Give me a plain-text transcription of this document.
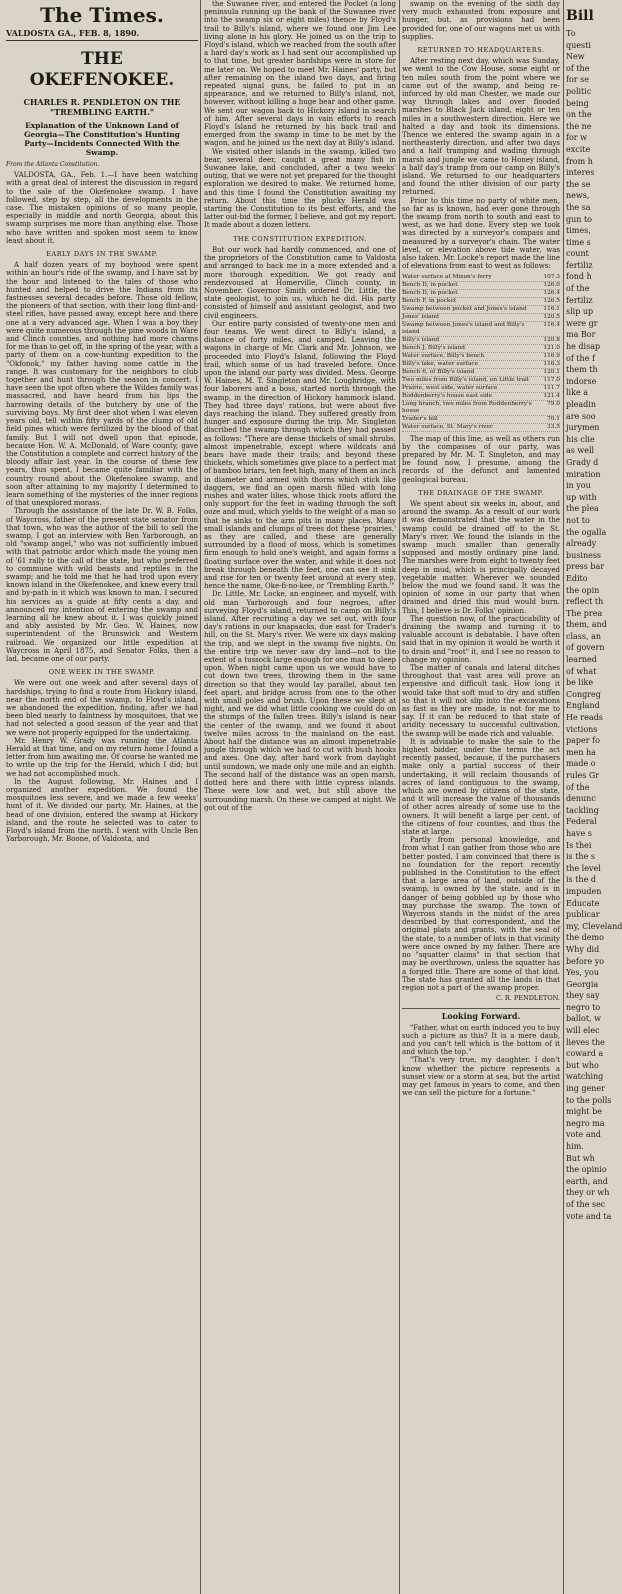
The Times.
VALDOSTA GA., FEB. 8, 1890.
THE OKEFENOKEE.
CHARLES R. PENDLETON ON THE "TREMBLING EARTH."
Explanation of the Unknown Land of Georgia—The Constitution's Hunting Party—Incidents Connected With the Swamp.
From the Atlanta Constitution.

VALDOSTA, GA., Feb. 1.—I have been watching with a great deal of interest the discussion in regard to the sale of the Okefenokee swamp. I have followed, step by step, all the developments in the case. The mistaken opinions of so many people, especially in middle and north Georgia, about this swamp surprises me more than anything else. Those who have written and spoken most seem to know least about it.

EARLY DAYS IN THE SWAMP.

A half dozen years of my boyhood were spent within an hour's ride of the swamp, and I have sat by the hour and listened to the tales of those who hunted and helped to drive the Indians from its fastnesses several decades before. Those old fellow, the pioneers of that section, with their long flint-and-steel rifles, have passed away, except here and there one at a very advanced age. When I was a boy they were quite numerous through the pine woods in Ware and Clinch counties, and nothing had more charms for me than to get off, in the spring of the year, with a party of them on a cow-hunting expedition to the "Okfonok," my father having some cattle in the range. It was customary for the neighbors to club together and hunt through the season in concert. I have seen the spot often where the Wildes family was massacred, and have heard from his lips the harrowing details of the butchery by one of the surviving boys. My first deer shot when I was eleven years old, tell within fifty yards of the clump of old field pines which were fertilized by the blood of that family. But I will not dwell upon that episode, because Hon. W. A. McDonald, of Ware county, gave the Constitution a complete and correct history of the bloody affair last year. In the course of these few years, thus spent, I became quite familiar with the country round about the Okefenokee swamp, and soon after attaining to my majority I determined to learn something of the mysteries of the inner regions of that unexplored morass.

Through the assistance of the late Dr. W. B. Folks, of Waycross, father of the present state senator from that town, who was the author of the bill to sell the swamp, I got an interview with Ben Yarborough, an old "swamp angel," who was not sufficiently imbued with that patriotic ardor which made the young men of '61 rally to the call of the state, but who preferred to commune with wild beasts and reptiles in the swamp; and he told me that he had trod upon every known island in the Okefenokee, and knew every trail and by-path in it which was known to man. I secured his services as a guide at fifty cents a day, and announced my intention of entering the swamp and learning all he knew about it. I was quickly joined and ably assisted by Mr. Geo. W. Haines, now superintendent of the Brunswick and Western railroad. We organized our little expedition at Waycross in April 1875, and Senator Folks, then a lad, became one of our party.

ONE WEEK IN THE SWAMP.

We were out one week and after several days of hardships, trying to find a route from Hickory island, near the north end of the swamp, to Floyd's island, we abandoned the expedition, finding, after we had been bled nearly to faintness by mosquitoes, that we had not selected a good season of the year and that we were not properly equipped for the undertaking.

Mr. Henry W. Grady was running the Atlanta Herald at that time, and on my return home I found a letter from him awaiting me. Of course he wanted me to write up the trip for the Herald, which I did; but we had not accomplished much.

In the August following, Mr. Haines and I organized another expedition. We found the mosquitoes less severe, and we made a few weeks' hunt of it. We divided our party, Mr. Haines, at the head of one division, entered the swamp at Hickory island, and the route he selected was to cater to Floyd's island from the north. I went with Uncle Ben Yarborough, Mr. Boone, of Valdosta, and

the Suwanee river, and entered the Pocket (a long peninsula running up the bank of the Suwanee river into the swamp six or eight miles) thence by Floyd's trail to Billy's island, where we found one Jim Lee living alone in his glory. He joined us on the trip to Floyd's island, which we reached from the south after a hard day's work as I had sent our accomplished up to that time, but greater hardships were in store for me later on. We hoped to meet Mr. Haines' party, but after remaining on the island two days, and firing repeated signal guns, he failed to put in an appearance, and we returned to Billy's island, not, however, without killing a huge bear and other game. We sent our wagon back to Hickory island in search of him. After several days in vain efforts to reach Floyd's Island he returned by his back trail and emerged from the swamp in time to be met by the wagon, and he joined us the next day at Billy's island.

We visited other islands in the swamp, killed two bear, several deer, caught a great many fish in Suwanee lake, and concluded, after a two weeks' outing, that we were not yet prepared for the thought exploration we desired to make. We returned home, and this time I found the Constitution awaiting my return. About this time the plucky Herald was starting the Constitution to its best efforts, and the latter out-bid the former, I believe, and got my report. It made about a dozen letters.

THE CONSTITUTION EXPEDITION.

But our work had hardly commenced, and one of the proprietors of the Constitution came to Valdosta and arranged to back me in a more extended and a more thorough expedition. We got ready and rendezvoused at Homerville, Clinch county, in November. Governor Smith ordered Dr. Little, the state geologist, to join us, which he did. His party consisted of himself and assistant geologist, and two civil engineers.

Our entire party consisted of twenty-one men and four teams. We went direct to Billy's island, a distance of forty miles, and camped. Leaving the wagons in charge of Mr. Clark and Mr. Johnson, we proceeded into Floyd's Island, following the Floyd trail, which some of us had traveled before. Once upon the island our party was divided. Mess. George W. Haines, M. T. Singleton and Mr. Loughridge, with four laborers and a boss, started north through the swamp, in the direction of Hickory hammock island. They had three days' rations, but were about five days reaching the island. They suffered greatly from hunger and exposure during the trip. Mr. Singleton discribed the swamp through which they had passed as follows: "There are dense thickets of small shrubs, almost impenetrable, except where wildcats and bears have made their trails; and beyond these thickets, which sometimes give place to a perfect mat of bamboo briars, ten feet high, many of them an inch in diameter and armed with thorns which stick like daggers, we find an open marsh filled with long rushes and water lilies, whose thick roots afford the only support for the feet in wading through the soft ooze and mud, which yields to the weight of a man so that he sinks to the arm pits in many places. Many small islands and clumps of trees dot these 'prairies,' as they are called, and these are generally surrounded by a flood of moss, which is sometimes firm enough to hold one's weight, and again forms a floating surface over the water, and while it does not break through beneath the feet, one can see it sink and rise for ten or twenty feet around at every step, hence the name, Oke-fi-no-kee, or 'Trembling Earth.'"

Dr. Little, Mr. Locke, an engineer, and myself, with old man Yarborough and four negroes, after surveying Floyd's island, returned to camp on Billy's island. After recruiting a day we set out, with four day's rations in our knapsacks, due east for Trader's hill, on the St. Mary's river. We were six days making the trip, and we slept in the swamp five nights. On the entire trip we never saw dry land—not to the extent of a tussock large enough for one man to sleep upon. When night came upon us we would have to cut down two trees, throwing them in the same direction so that they would lay parallel, about ten feet apart, and bridge across from one to the other with small poles and brush. Upon these we slept at night, and we did what little cooking we could do on the stumps of the fallen trees. Billy's island is near the center of the swamp, and we found it about twelve miles across to the mainland on the east. About half the distance was an almost impenetrable jungle through which we had to cut with bush hooks and axes. One day, after hard work from daylight until sundown, we made only one mile and an eighth. The second half of the distance was an open marsh, dotted here and there with little cypress islands. These were low and wet, but still above the surrounding marsh. On these we camped at night. We got out of the

swamp on the evening of the sixth day very much exhausted from exposure and hunger, but, as provisions had been provided for, one of our wagons met us with supplies.

RETURNED TO HEADQUARTERS.

After resting next day, which was Sunday, we went to the Cow House, some eight or ten miles south from the point where we came out of the swamp, and being re-inforced by old man Chester, we made our way through lakes and over flooded marshes to Black Jack island, eight or ten miles in a southwestern direction. Here we halted a day and took its dimensions. Thence we entered the swamp again in a northeasterly direction, and after two days and a half tramping and wading through marsh and jungle we came to Honey island, a half day's tramp from our camp on Billy's island. We returned to our headquarters and found the other division of our party returned.

Prior to this time no party of white men, so far as is known, had ever gone through the swamp from north to south and east to west, as we had done. Every step we took was directed by a surveyor's compass and measured by a surveyor's chain. The water level, or elevation above tide water, was also taken. Mr. Locke's report made the line of elevations from east to west as follows:

Water surface at Mixon's ferry	107.3
Bench D, in pocket	126.0
Bench D, in pocket	126.4
Bench F, in pocket	126.5
Swamp between pocket and Jones's island	116.1
Jones' island	120.5
Swamp between Jones's island and Billy's island
116.4
Billy's island	120.8
Bench J, Billy's island	121.0
Water surface, Billy's bench	116.9
Billy's lake, water surface	116.3
Bench 6, of Billy's island	120.1
Two miles from Billy's island, on Little trail	117.0
Prairie, west side, water surface	111.7
Roddenberry's house east side	121.4
Long branch, two miles from Roddenberry's house
79.0
Trader's hill	70.1
Water surface, St. Mary's river	33.5

The map of this line, as well as others run by the compasses of our party, was prepared by Mr. M. T. Singleton, and may be found now, I presume, among the records of the defunct and lamented geological bureau.

THE DRAINAGE OF THE SWAMP.

We spent about six weeks in, about, and around the swamp. As a result of our work it was demonstrated that the water in the swamp could be drained off to the St. Mary's river. We found the islands in the swamp much smaller than generally supposed and mostly ordinary pine land. The marshes were from eight to twenty feet deep in mud, which is principally decayed vegetable matter. Wherever we sounded below the mud we found sand. It was the opinion of some in our party that when drained and dried this mud would burn. This, I believe is Dr. Folks' opinion.

The question now, of the practicability of draining the swamp and turning it to valuable account is debatable. I have often said that in my opinion it would be worth it to drain and "root" it, and I see no reason to change my opinion.

The matter of canals and lateral ditches throughout that vast area will prove an expensive and difficult task. How long it would take that soft mud to dry and stiffen so that it will not slip into the excavations as fast as they are made, is not for me to say. If it can be reduced to that state of aridity necessary to successful cultivation, the swamp will be made rich and valuable.

It is advisable to make the sale to the highest bidder, under the terms the act recently passed, because, if the purchasers make only a partial success of their undertaking, it will reclaim thousands of acres of land contiguous to the swamp, which are owned by citizens of the state, and it will increase the value of thousands of other acres already of some use to the owners. It will benefit a large per cent. of the citizens of four counties, and thus the state at large.

Partly from personal knowledge, and from what I can gather from those who are better posted, I am convinced that there is no foundation for the report recently published in the Constitution to the effect that a large area of land, outside of the swamp, is owned by the state, and is in danger of being gobbled up by those who may purchase the swamp. The town of Waycross stands in the midst of the area described by that correspondent, and the original plats and grants, with the seal of the state, to a number of lots in that vicinity were once owned by my father. There are no "squatter claims" in that section that may be overthrown, unless the squatter has a forged title. There are some of that kind. The state has granted all the lands in that region not a part of the swamp proper.

C. R. PENDLETON.
Looking Forward.

"Father, what on earth induced you to buy such a picture as this? It is a mere daub, and you can't tell which is the bottom of it and which the top."

"That's very true, my daughter. I don't know whether the picture represents a sunset view or a storm at sea, but the artist may get famous in years to come, and then we can sell the picture for a fortune."

Bill

To

questi

New

of the

for se

politic

being

on the

the ne

for w

excite

from h

interes

the se

news,

the sa

gun to

times,

time s

count

fertiliz

fond h

of the

fertiliz

slip up

were gr

ma Bor

he disap

of the f

them th

indorse

like a

pleadin

are soo

jurymen

his clie

as well

Grady d

miration

in you

up with

the plea

not to

the ogalla

already

business

press bar

Edito

the opin

reflect th

The prea

them, and

class, an

of govern

learned

of what

be like

Congreg

England

He reads

victions

paper fo

men ha

made o

rules Gr

of the

denunc

tackling

Federal

have s

Is thei

is the s

the level

is the d

impuden

Educate

publicar

my, Cleveland

the demo

Why did

before yo

Yes, you

Georgia

they say

negro to

ballot, w

will elec

lieves the

coward a

but who

watching

ing gener

to the polls

might be

negro ma

vote and

him.

But wh

the opinio

earth, and

they or wh

of the sec

vote and ta
